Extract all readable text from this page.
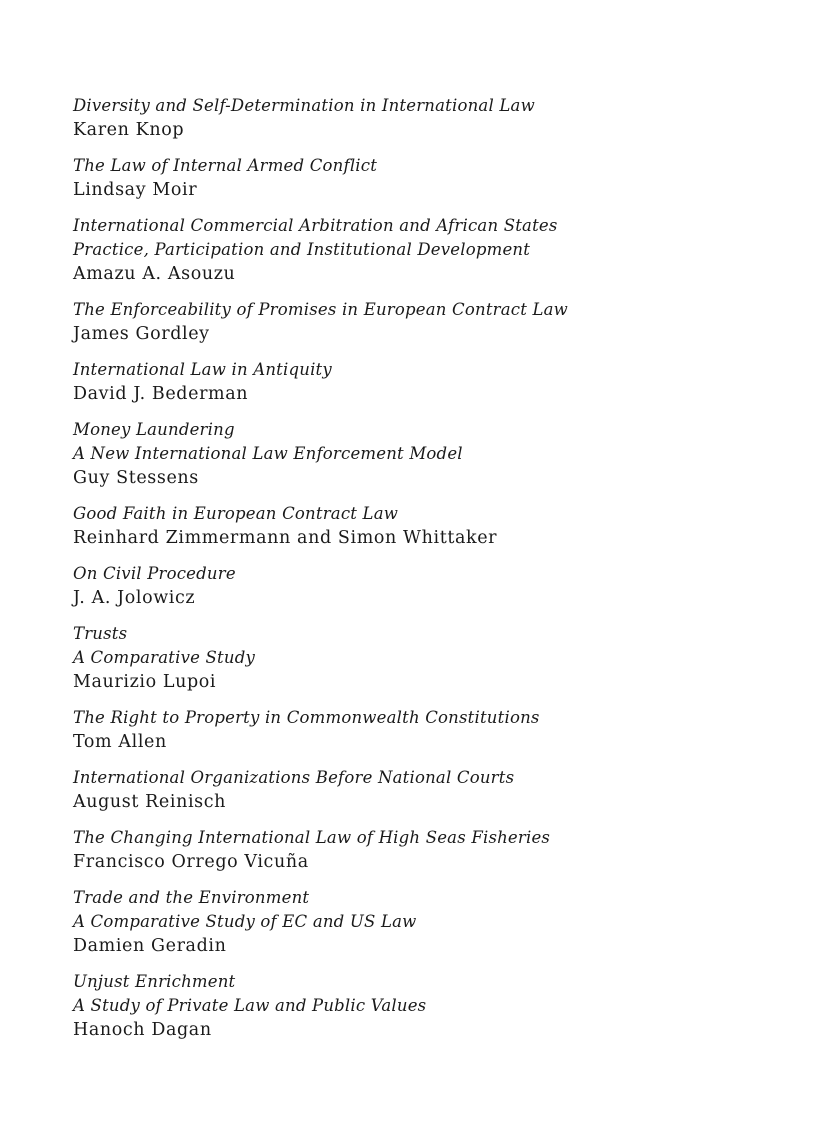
Diversity and Self-Determination in International Law
Karen Knop
The Law of Internal Armed Conflict
Lindsay Moir
International Commercial Arbitration and African States
Practice, Participation and Institutional Development
Amazu A. Asouzu
The Enforceability of Promises in European Contract Law
James Gordley
International Law in Antiquity
David J. Bederman
Money Laundering
A New International Law Enforcement Model
Guy Stessens
Good Faith in European Contract Law
Reinhard Zimmermann and Simon Whittaker
On Civil Procedure
J. A. Jolowicz
Trusts
A Comparative Study
Maurizio Lupoi
The Right to Property in Commonwealth Constitutions
Tom Allen
International Organizations Before National Courts
August Reinisch
The Changing International Law of High Seas Fisheries
Francisco Orrego Vicuña
Trade and the Environment
A Comparative Study of EC and US Law
Damien Geradin
Unjust Enrichment
A Study of Private Law and Public Values
Hanoch Dagan
